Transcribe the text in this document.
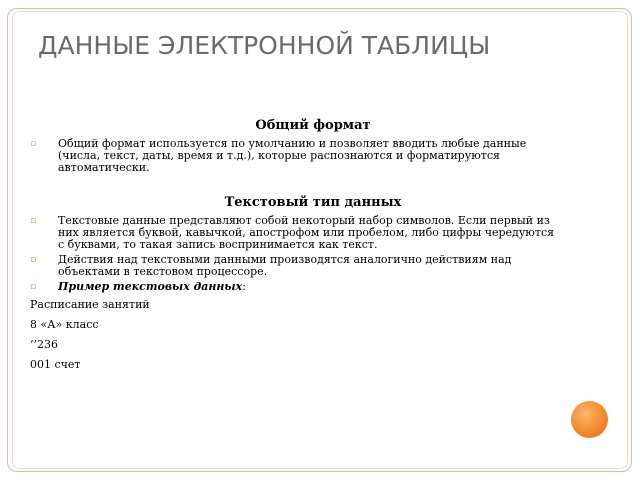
ДАННЫЕ ЭЛЕКТРОННОЙ ТАБЛИЦЫ
Общий формат
▫ Общий формат используется по умолчанию и позволяет вводить любые данные (числа, текст, даты, время и т.д.), которые распознаются и форматируются автоматически.
Текстовый тип данных
▫ Текстовые данные представляют собой некоторый набор символов. Если первый из них является буквой, кавычкой, апострофом или пробелом, либо цифры чередуются с буквами, то такая запись воспринимается как текст.
▫ Действия над текстовыми данными производятся аналогично действиям над объектами в текстовом процессоре.
▫ Пример текстовых данных:

Расписание занятий

8 «А» класс

‘’236

001 счет
